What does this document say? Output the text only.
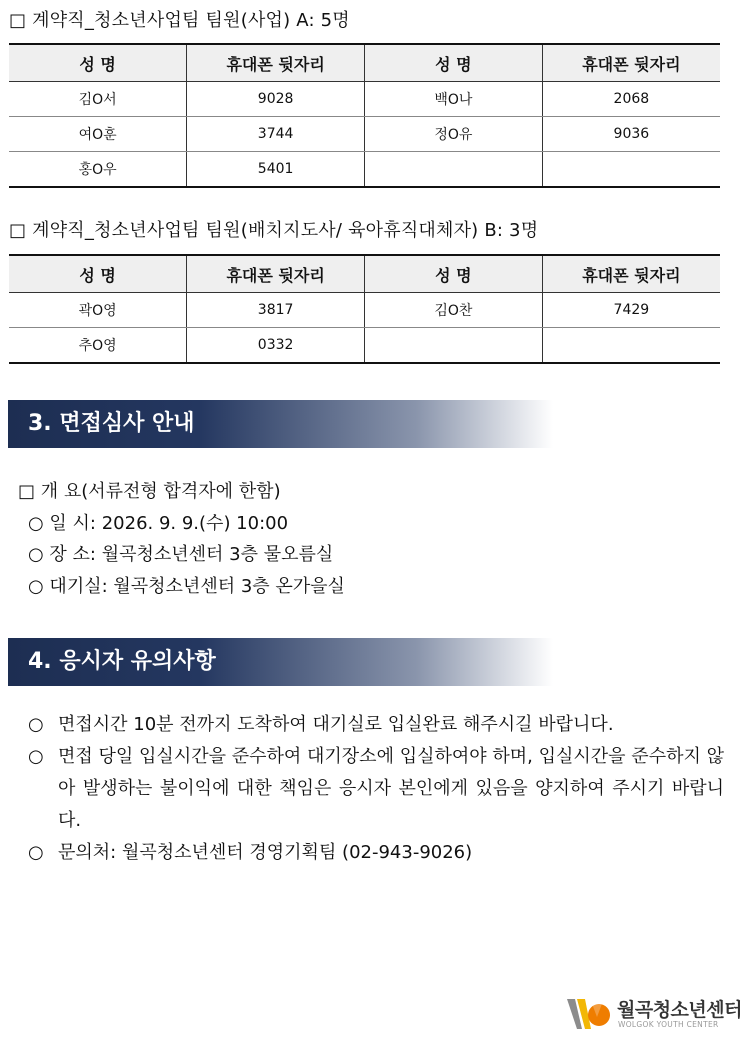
□ 계약직_청소년사업팀 팀원(사업) A: 5명
성 명	휴대폰 뒷자리	성 명	휴대폰 뒷자리
김O서	9028	백O나	2068
여O훈	3744	정O유	9036
홍O우	5401		
□ 계약직_청소년사업팀 팀원(배치지도사/ 육아휴직대체자) B: 3명
성 명	휴대폰 뒷자리	성 명	휴대폰 뒷자리
곽O영	3817	김O찬	7429
추O영	0332		
3. 면접심사 안내
□ 개 요(서류전형 합격자에 한함)
○ 일 시: 2026. 9. 9.(수) 10:00
○ 장 소: 월곡청소년센터 3층 물오름실
○ 대기실: 월곡청소년센터 3층 온가을실
4. 응시자 유의사항
○ 면접시간 10분 전까지 도착하여 대기실로 입실완료 해주시길 바랍니다.
○ 면접 당일 입실시간을 준수하여 대기장소에 입실하여야 하며, 입실시간을 준수하지 않아 발생하는 불이익에 대한 책임은 응시자 본인에게 있음을 양지하여 주시기 바랍니다.
○ 문의처: 월곡청소년센터 경영기획팀 (02-943-9026)
월곡청소년센터
WOLGOK YOUTH CENTER
